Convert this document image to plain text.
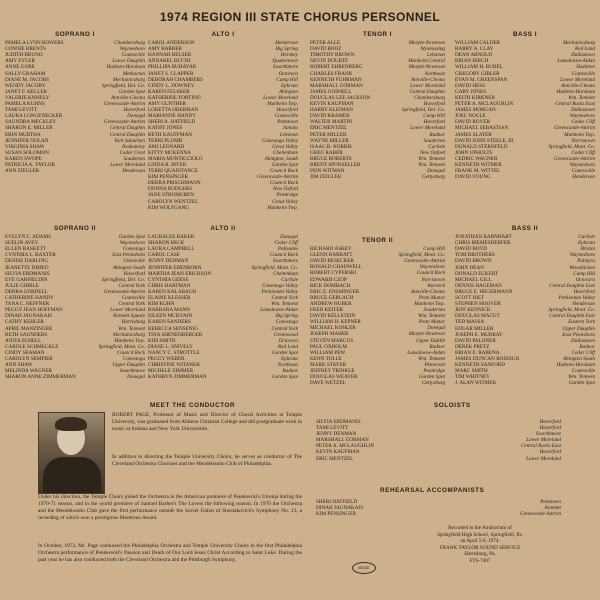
1974 REGION III STATE CHORUS PERSONNEL
SOPRANO I
PAMELA LYNN BOWERS	Chambersburg
CONNIE BRENTS	Waynesboro
JUDITH BRUNO	Coatesville
AMY EYLER	Lower Dauphin
ANNE GORE	Hatboro-Horsham
SALLY GRAHAM	Methacton
DIANE M. JACOBS	Mechanicsburg
WENDY JACOBY	Springfield, Del. Co.
JANET F. KELLER	Garden Spot
VALERIE KNISELY	Annville-Cleona
PAMELA KUHNS	Greencastle-Antrim
TAMI LEVITT	Haverford
LAURA LONGENECKER	Donegal
SAUNDRA MECKLEY	Greencastle-Antrim
SHARON E. MILLER	Central Dauphin
ERIN MURTHA	Central Dauphin
JENNIFER NOLAN	York Suburban
VIRGINIA SHAW	Neshaminy
SUSAN SOLOMON	Cedar Crest
KAREN SWOPE	Souderton
PATRICIA A. TAYLOR	Lower Moreland
ANN ZIEGLER	Henderson
ALTO I
CAROL ANDERSON	Henderson
AMY BARBER	Big Spring
HANNAH BELSER	Hershey
ANNABEL BLYTH	Quakertown
PHILLIPA BUHAYAR	Swarthmore
JANET S. CLAPPER	Octorara
DEBORAH CHAMBERS	Camp Hill
CINDY L. DOWNEY	Ephrata
KAREN FELSKER	Abington
KATHERINE FORTINO	Lower Moreland
AMY GUNTHER	Manheim Twp.
LORETTA OBERMAN	Haverford
MARIANNE HANDY	Coatesville
SHERI A. HATFIELD	Pottstown
KATHY JONES	Juniata
BETH KAUFFMAN	Lebanon
TERRI PLUMB	Conestoga Valley
AMI LEONARD	Great Valley
KITTY MCKENNA	Cheltenham
MARIA MONTICCIOLO	Abington, South
LINDA R. MYER	Garden Spot
TERRI QUAINTANCE	Council Rock
KIM PENSINGER	Greencastle-Antrim
DEBRA PRISCHMANN	Council Rock
DONNA RODGERS	New Oxford
JANE STROMGREN	Pennridge
CAROLYN WENTZEL	Great Valley
KIM WOLFGANG	Manheim Twp.
TENOR I
PETER ALLE	Marple-Newtown
DAVID BOOZ	Wyomissing
TIMOTHY BROWN	Lebanon
NEVIN DOURTE	Manheim Central
ROBERT EHRENBERG	Marple-Newtown
CHARLES FRANK	Northeast
KENNETH FUHRMAN	Annville-Cleona
MARSHALL GORMAN	Lower Moreland
JAMES GOSNELL	Central Dauphin
DOUGLAS LEE JACKSON	Chambersburg
KEVIN KAUFMAN	Haverford
HARRY KLEIMAN	Springfield, Del. Co.
DAVID KRAMER	Camp Hill
WALTER MARTIN	Haverford
ERIC MENTZEL	Lower Moreland
PETER MILLER	Radnor
WAYNE MILLER	Souderton
ISAAC B. NORRIS	Carlisle
GREG RABER	New Oxford
BRUCE ROBERTS	Wm. Tennent
BRENT SPONSELLER	Wm. Tennent
DON WITMAN	Donegal
JIM ZEIGLER	Gettysburg
BASS I
WILLIAM CALDER	Mechanicsburg
BARRY A. CLAY	Red Land
DEAN ARNOLD	Dallastown
BRIAN BIRCH	Lansdowne-Aldan
WILLIAM H. BUBEL	Hazleton
GREGORY GIBLER	Coatesville
EVAN M. GREENSPAN	Lower Moreland
DAVID HESS	Annville-Cleona
GARY JONES	Hatboro-Horsham
KEITH KIRKNER	Wm. Tennent
PETER A. MCLAUGHLIN	Central Bucks East
JAMES MORGAN	Dallastown
JOEL NOGLE	Waynesboro
DAVID ROYER	Cedar Cliff
MICHAEL SEBASTIAN	Greencastle-Antrim
JAMES SLATER	Manheim Twp.
DAVID JOHN STEELE, III	Norristown
DONALD STERNFELD	Springfield, Mont. Co.
JOHN UPHOLTS	Cedar Cliff
CEDRIC WAGNER	Greencastle-Antrim
KENNETH WITMER	Waynesboro
FRANK M. WITTEL	Coatesville
DAVID YOUNG	Henderson
SOPRANO II
EVELYN C. ADAMS	Garden Spot
SUELIN AVEY	Waynesboro
ELLEN BASKETT	Conestoga
CYNTHIA L. BAXTER	East Pennsboro
DENISE DARLING	Unionville
JEANETTE DIMEO	Abington South
SILVIA ERDMANIS	Haverford
EVE GARFIELDIN	Springfield, Del. Co.
JULIE GIBBLE	Central York
DEBRA GORDELL	Greencastle-Antrim
CATHERINE HANDY	Coatesville
TANA C. HEFFNER	Central York
PEGGY JEAN HOFFMAN	Lower Moreland
DINAH JAUNAKAIS	Kennett Square
CATHY KEHLER	Harrisburg
APRIL MANZINGER	Wm. Tennent
BETH SAUNDERS	Mechanicsburg
ANITA SCHELL	Manheim Twp.
CAROLE SCHMECKLE	Springfield, Mont. Co.
CINDY SEAMAN	Council Rock
CAROLYN SEMPIER	Conestoga
ANN SHAW	Upper Dauphin
MELINDA WAGNER	Swarthmore
SHARON ANNE ZIMMERMAN	Donegal
ALTO II
LAURALEE BAKER	Donegal
SHARON BECK	Cedar Cliff
LAURA CAMPBELL	Palisades
CAROL CASE	Council Rock
JENNY DENMAN	Swarthmore
JENNIFER EDENBORN	Springfield, Mont. Co.
MARTHA JEAN ERICKSON	Cheltenham
CYNTHIA GEESE	Carlisle
CHRIS HARTMAN	Conestoga Valley
KAREN KALABACH	Perkiomen Valley
ELAINE KLESSER	Central York
KIM KUHN	Wm. Tennent
BARBARA MANN	Lansdowne-Aldan
EILEEN MCILVAIN	Big Spring
KAREN SANDERS	Conestoga
REBECCA SENSENIG	Central York
TINA SHENENBERGER	Greenwood
KIM SMITH	Octorara
DIANE L. SNIVELY	Red Land
NANCY C. STROTTLE	Garden Spot
PEGGY WEBER	Ephrata
CHRISTINE WITANEK	Northeast
MICHELE ZIMMER	Radnor
KATHRYN ZIMMERMAN	Garden Spot
TENOR II
RICHARD ASKEY	Camp Hill
GLENN BARRATT	Springfield, Mont. Co.
DAVID BESECKER	Greencastle-Antrim
RONALD CHADWELL	Waynesboro
ROBERT CYPERSKI	Council Rock
EDWARD CZOP	Norristown
RICK DOMBACH	Warwick
ERIC E. ENSMINGER	Annville-Cleona
BRUCE GERLACH	Penn Manor
ANDREW HUBER	Manheim Twp.
FRED KEITER	Souderton
DAVID KELLSTEIN	Wm. Tennent
WILLIAM H. KEPNER	Penn Manor
MICHAEL KOHLER	Donegal
JOSEPH MAHER	Marple-Newtown
STEVEN MARCUS	Upper Dublin
PAUL OXHOLM	Radnor
WILLIAM PEW	Lansdowne-Aldan
KENN TOLLE	Wm. Tennent
MARK STAYER	Penncrest
JEFFREY TRINKLE	Pennridge
DOUGLAS WEAVER	Garden Spot
DAVE WETZEL	Gettysburg
BASS II
JONATHAN BARNHART	Carlisle
CHRIS BIEMESDERFER	Ephrata
DAVID BOYD	Bristol
TOM BROTHERS	Waynesboro
DAVID BROWN	Palmyra
JOHN DEAN	Wissahickon
DONALD ECKERT	Camp Hill
MICHAEL GILL	Octorara
DENNIS HAGEMAN	Central Dauphin East
BRUCE E. HEGERMANN	Haverford
SCOTT HILT	Perkiomen Valley
STEPHEN HOOVER	Henderson
JEFF KENNICK	Springfield, Mont. Co.
DOUGLAS MACUT	Central Dauphin East
TED MASSA	Eastern York
EDGAR MILLER	Upper Dauphin
JOSEPH E. MURRAY	East Pennsboro
DAVID PALONER	Dallastown
DEREK PRETZ	Radnor
BRIAN E. RABENA	Cedar Cliff
JAMES DUNCAN RODISCH	Abington South
KENNETH SANFORD	Hatboro-Horsham
MARC SMITH	Coatesville
TIM WHITNEY	Wm. Tennent
J. ALAN WITMER	Garden Spot
MEET THE CONDUCTOR
ROBERT PAGE, Professor of Music and Director of Choral Activities at Temple University, was graduated from Abilene Christian College and did postgraduate work in music at Indiana and New York Universities.
In addition to directing the Temple University Choirs, he serves as conductor of The Cleveland Orchestra Choruses and the Mendelssohn Club of Philadelphia.
Under his direction, the Temple Choirs joined the Orchestra in the American premiere of Penderecki's Utrenja during the 1970-71 season, and in the world premiere of Samuel Barber's The Lovers the following season. In 1970 the Orchestra and the Mendelssohn Club gave the first performance outside the Soviet Union of Shostakovich's Symphony No. 13, a recording of which won a prestigious Montreux Award.
In October, 1973, Mr. Page conducted the Philadelphia Orchestra and Temple University Choirs in the first Philadelphia Orchestra performance of Penderecki's Passion and Death of Our Lord Jesus Christ According to Saint Luke. During the past year he has also conducted both the Cleveland Orchestra and the Pittsburgh Symphony.
SOLOISTS
SILVIA ERDMANIS	Haverford
TAMI LEVITT	Haverford
JENNY DENMAN	Swarthmore
MARSHALL GORMAN	Lower Moreland
PETER A. MCLAUGHLIN	Central Bucks East
KEVIN KAUFMAN	Haverford
ERIC MENTZEL	Lower Moreland
REHEARSAL ACCOMPANISTS
SHERI HATFIELD	Pottstown
DINAH JAUNAKAIS	Kennett
KIM PENSINGER	Greencastle-Antrim
Recorded in the Auditorium of
Springfield High School, Springfield, Pa.
on April 5-6, 1974.
FRANK TAYLOR SOUND SERVICE
Harrisburg, Pa.
FTS-7407
EDGE
